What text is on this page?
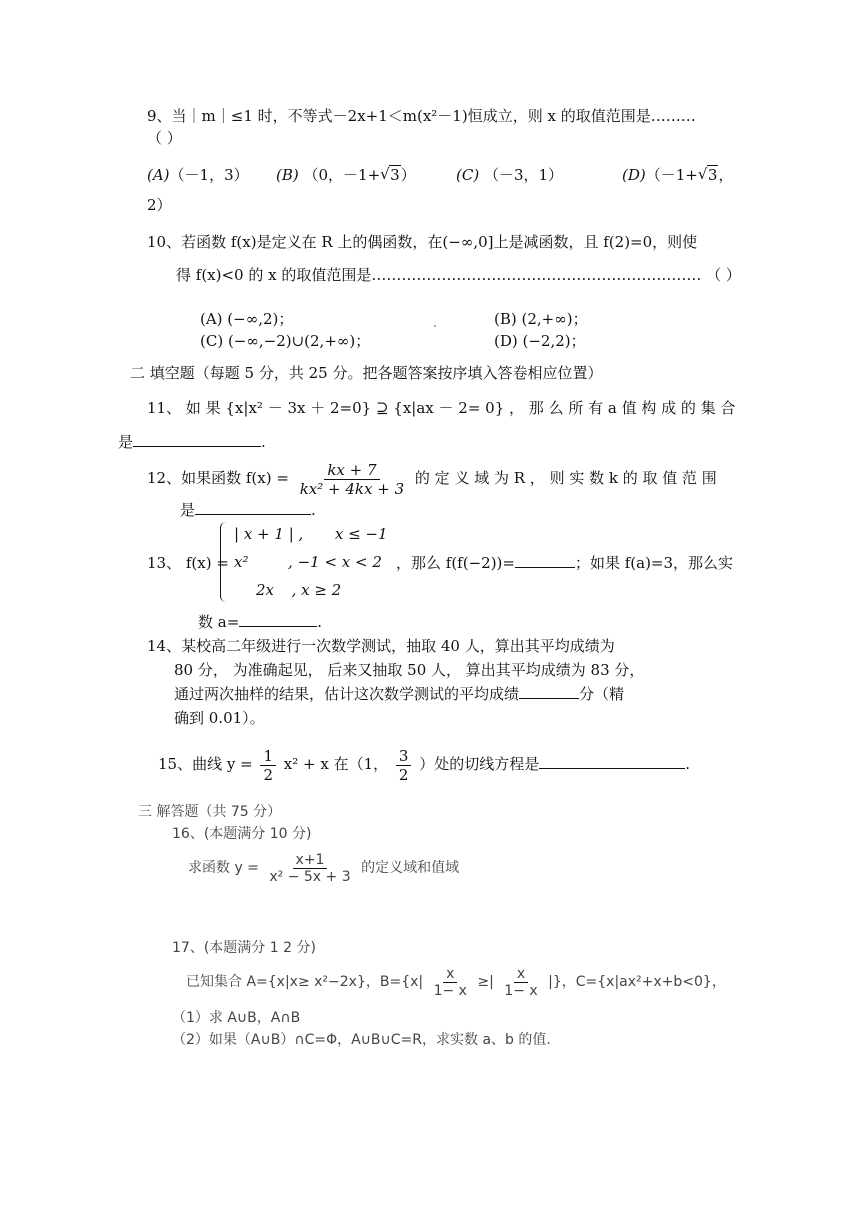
9、当｜m｜≤1 时，不等式－2x+1＜m(x²－1)恒成立，则 x 的取值范围是………
（ ）
(A)（－1，3） (B) （0，－1+ √ 3）	(C) （－3，1）	(D)（－1+ √ 3，
2）
10、若函数 f(x)是定义在 R 上的偶函数，在(−∞,0]上是减函数，且 f(2)=0，则使
得 f(x)<0 的 x 的取值范围是………………………………………………………… （ ）
(A) (−∞,2)；	(B) (2,+∞)；
(C) (−∞,−2)∪(2,+∞)；	(D) (−2,2)；
二 填空题（每题 5 分，共 25 分。把各题答案按序填入答卷相应位置）
11、 如 果 {x|x² － 3x ＋ 2=0} ⊇ {x|ax － 2= 0} ， 那 么 所 有 a 值 构 成 的 集 合
是	.
12、如果函数 $f(x) = \frac{kx + 7}{\text{kx² + 4kx + 3}}$ 的 定 义 域 为 R ， 则 实 数 k 的 取 值 范 围
是	.
13、 f(x) =
| x + 1 | , x ≤ −1
x²	, −1 < x < 2
2x , x ≥ 2
，那么 f(f(−2))=	；如果 f(a)=3，那么实
数 a=	.
14、某校高二年级进行一次数学测试，抽取 40 人，算出其平均成绩为
80 分， 为准确起见， 后来又抽取 50 人， 算出其平均成绩为 83 分，
通过两次抽样的结果，估计这次数学测试的平均成绩	分（精
确到 0.01）。
15、曲线 $y = \frac{1}{2} x^2 + x$ 在（1， $\frac{3}{2}$ ）处的切线方程是	.
三 解答题（共 75 分）
16、(本题满分 10 分)
求函数 $y = \frac{x+1}{\text{x² − 5x + 3}}$ 的定义域和值域
17、(本题满分 1 2 分)
已知集合 A={x|x≥ x²−2x}，$B=\{x| \frac{x}{1- x}$ ≥| $\frac{x}{1- x}$ |}，C={x|ax²+x+b<0}，
（1）求 A∪B，A∩B
（2）如果（A∪B）∩C=Φ，A∪B∪C=R，求实数 a、b 的值.
